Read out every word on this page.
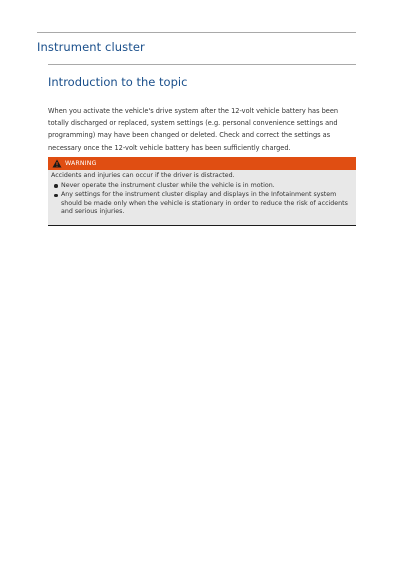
Instrument cluster
Introduction to the topic

When you activate the vehicle's drive system after the 12-volt vehicle battery has been totally discharged or replaced, system settings (e.g. personal convenience settings and programming) may have been changed or deleted. Check and correct the settings as necessary once the 12-volt vehicle battery has been sufficiently charged.

WARNING
Accidents and injuries can occur if the driver is distracted.
Never operate the instrument cluster while the vehicle is in motion.
Any settings for the instrument cluster display and displays in the Infotainment system should be made only when the vehicle is stationary in order to reduce the risk of accidents and serious injuries.
